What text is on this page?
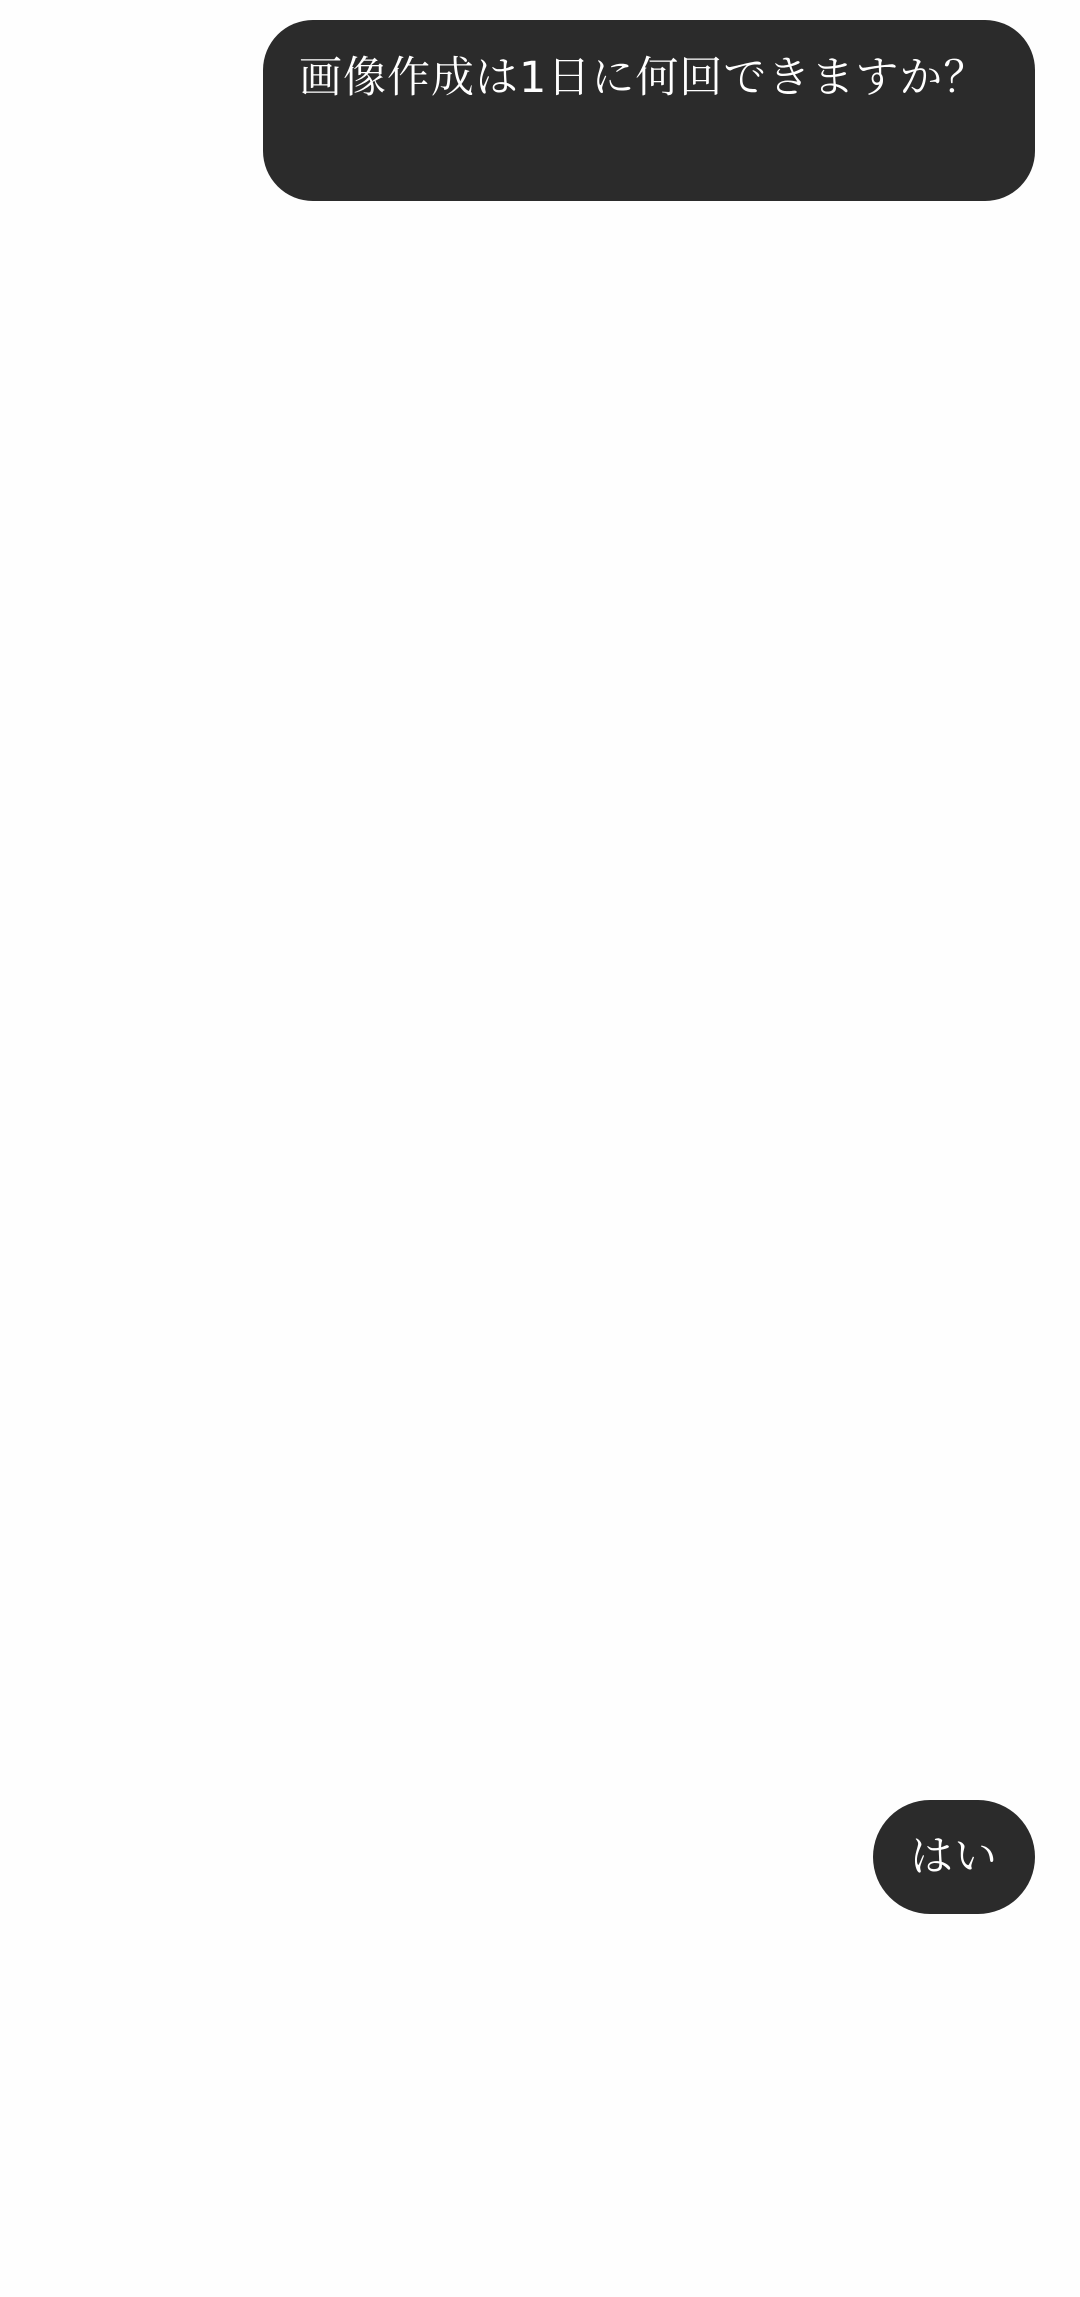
画像作成は1日に何回できますか？
はい
